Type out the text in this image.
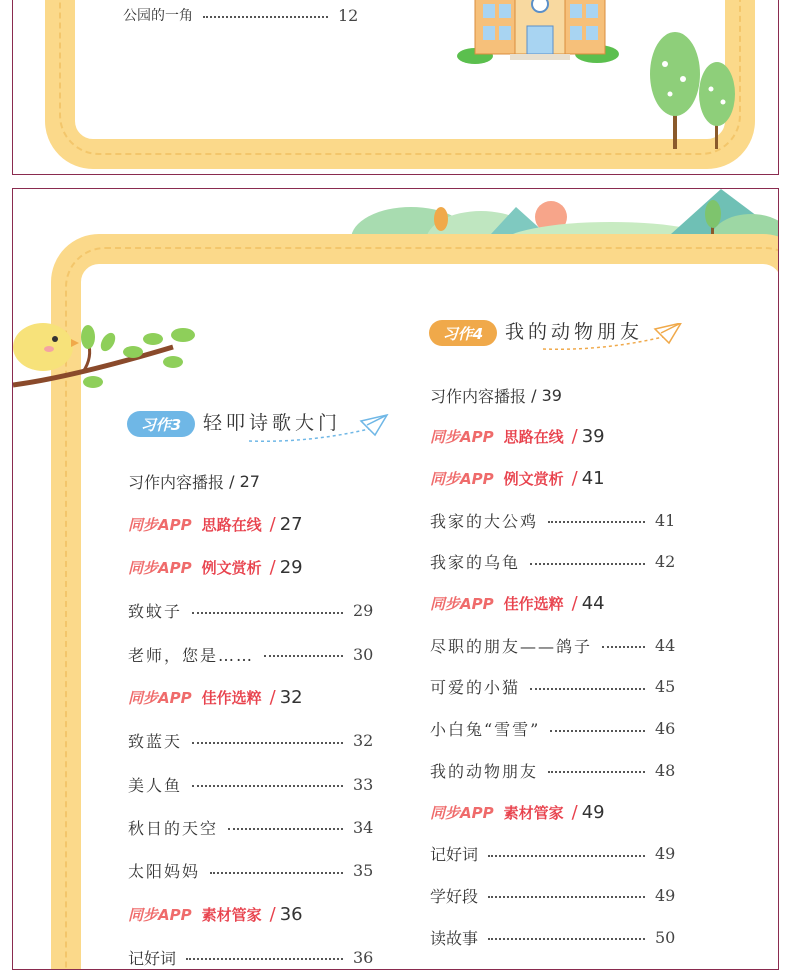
公园的一角	12
习作3	轻叩诗歌大门
习作4	我的动物朋友
习作内容播报 / 27
同步APP 思路在线 / 27
同步APP 例文赏析 / 29
致蚊子	29
老师，您是……	30
同步APP 佳作选粹 / 32
致蓝天	32
美人鱼	33
秋日的天空	34
太阳妈妈	35
同步APP 素材管家 / 36
记好词	36
习作内容播报 / 39
同步APP 思路在线 / 39
同步APP 例文赏析 / 41
我家的大公鸡	41
我家的乌龟	42
同步APP 佳作选粹 / 44
尽职的朋友——鸽子	44
可爱的小猫	45
小白兔“雪雪”	46
我的动物朋友	48
同步APP 素材管家 / 49
记好词	49
学好段	49
读故事	50
